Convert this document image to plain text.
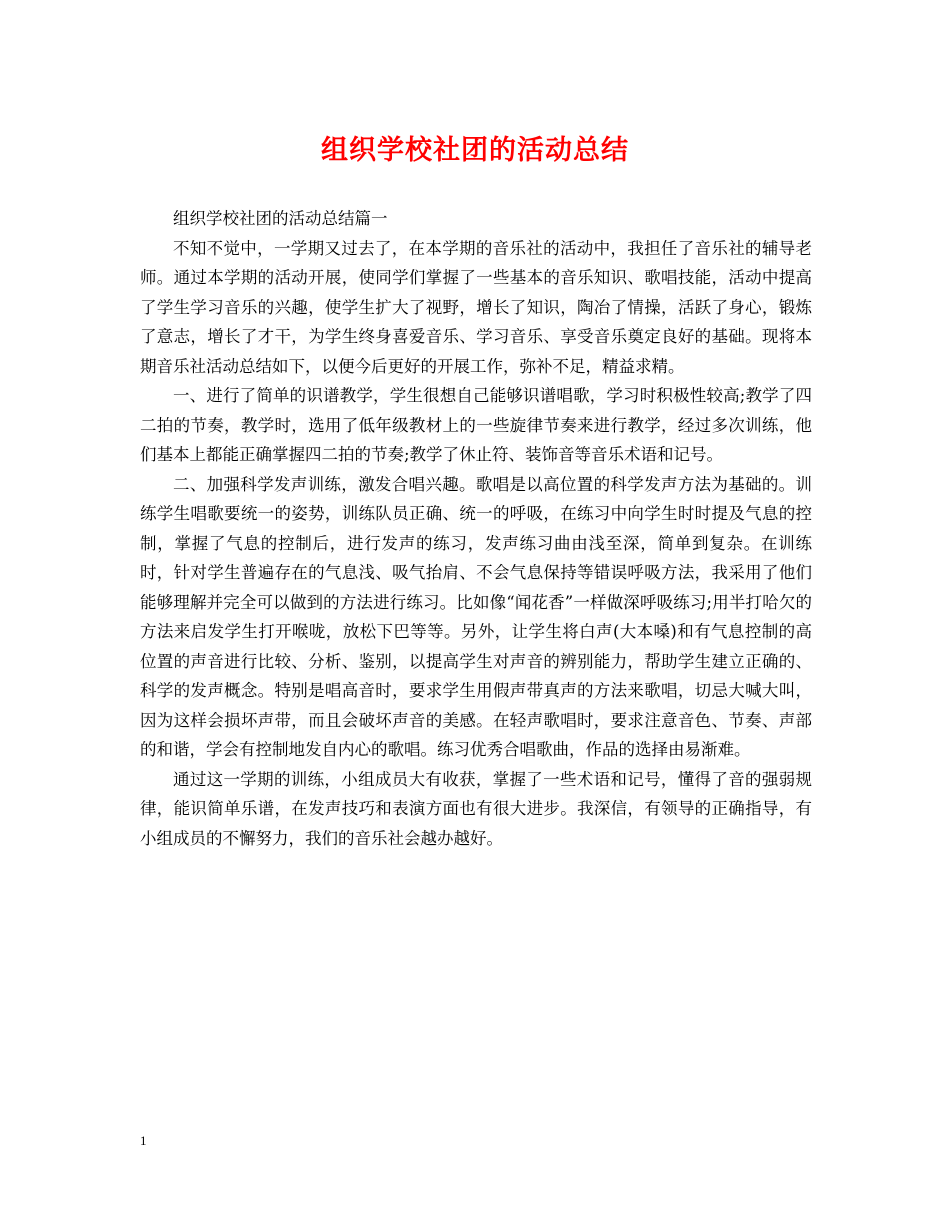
组织学校社团的活动总结

组织学校社团的活动总结篇一

不知不觉中，一学期又过去了，在本学期的音乐社的活动中，我担任了音乐社的辅导老师。通过本学期的活动开展，使同学们掌握了一些基本的音乐知识、歌唱技能，活动中提高了学生学习音乐的兴趣，使学生扩大了视野，增长了知识，陶冶了情操，活跃了身心，锻炼了意志，增长了才干，为学生终身喜爱音乐、学习音乐、享受音乐奠定良好的基础。现将本期音乐社活动总结如下，以便今后更好的开展工作，弥补不足，精益求精。

一、进行了简单的识谱教学，学生很想自己能够识谱唱歌，学习时积极性较高;教学了四二拍的节奏，教学时，选用了低年级教材上的一些旋律节奏来进行教学，经过多次训练，他们基本上都能正确掌握四二拍的节奏;教学了休止符、装饰音等音乐术语和记号。

二、加强科学发声训练，激发合唱兴趣。歌唱是以高位置的科学发声方法为基础的。训练学生唱歌要统一的姿势，训练队员正确、统一的呼吸，在练习中向学生时时提及气息的控制，掌握了气息的控制后，进行发声的练习，发声练习曲由浅至深，简单到复杂。在训练时，针对学生普遍存在的气息浅、吸气抬肩、不会气息保持等错误呼吸方法，我采用了他们能够理解并完全可以做到的方法进行练习。比如像“闻花香”一样做深呼吸练习;用半打哈欠的方法来启发学生打开喉咙，放松下巴等等。另外，让学生将白声(大本嗓)和有气息控制的高位置的声音进行比较、分析、鉴别，以提高学生对声音的辨别能力，帮助学生建立正确的、科学的发声概念。特别是唱高音时，要求学生用假声带真声的方法来歌唱，切忌大喊大叫，因为这样会损坏声带，而且会破坏声音的美感。在轻声歌唱时，要求注意音色、节奏、声部的和谐，学会有控制地发自内心的歌唱。练习优秀合唱歌曲，作品的选择由易渐难。

通过这一学期的训练，小组成员大有收获，掌握了一些术语和记号，懂得了音的强弱规律，能识简单乐谱，在发声技巧和表演方面也有很大进步。我深信，有领导的正确指导，有小组成员的不懈努力，我们的音乐社会越办越好。

1
